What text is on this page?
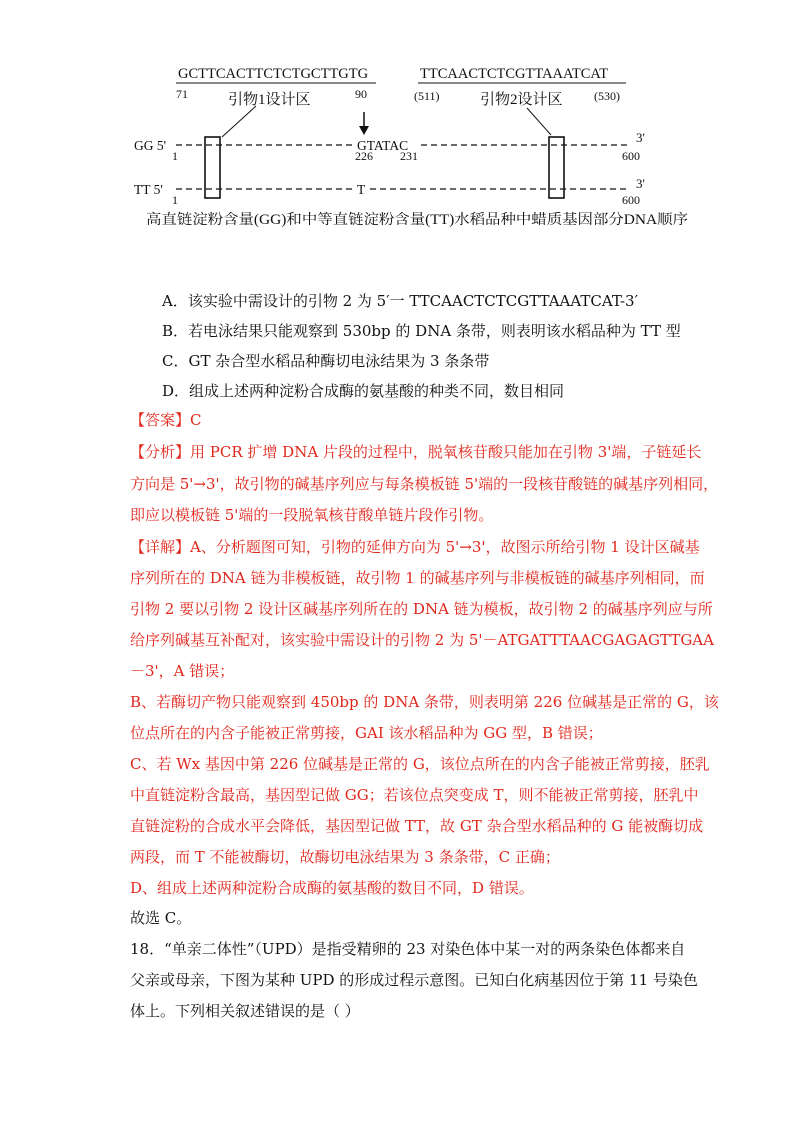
GCTTCACTTCTCTGCTTGTG
71	90
引物1设计区
TTCAACTCTCGTTAAATCAT
(511)	(530)
引物2设计区
GG 5'	GTATAC
3'
1	226 231	600
TT 5'	T	3'
1	600
高直链淀粉含量(GG)和中等直链淀粉含量(TT)水稻品种中蜡质基因部分DNA顺序
A．该实验中需设计的引物 2 为 5′一 TTCAACTCTCGTTAAATCAT-3′
B．若电泳结果只能观察到 530bp 的 DNA 条带，则表明该水稻品种为 TT 型
C．GT 杂合型水稻品种酶切电泳结果为 3 条条带
D．组成上述两种淀粉合成酶的氨基酸的种类不同，数目相同
【答案】C
【分析】用 PCR 扩增 DNA 片段的过程中，脱氧核苷酸只能加在引物 3'端，子链延长
方向是 5'→3'，故引物的碱基序列应与每条模板链 5'端的一段核苷酸链的碱基序列相同，
即应以模板链 5'端的一段脱氧核苷酸单链片段作引物。
【详解】A、分析题图可知，引物的延伸方向为 5'→3'，故图示所给引物 1 设计区碱基
序列所在的 DNA 链为非模板链，故引物 1 的碱基序列与非模板链的碱基序列相同，而
引物 2 要以引物 2 设计区碱基序列所在的 DNA 链为模板，故引物 2 的碱基序列应与所
给序列碱基互补配对，该实验中需设计的引物 2 为 5'－ATGATTTAACGAGAGTTGAA
－3'，A 错误；
B、若酶切产物只能观察到 450bp 的 DNA 条带，则表明第 226 位碱基是正常的 G，该
位点所在的内含子能被正常剪接，GAI 该水稻品种为 GG 型，B 错误；
C、若 Wx 基因中第 226 位碱基是正常的 G，该位点所在的内含子能被正常剪接，胚乳
中直链淀粉含最高，基因型记做 GG；若该位点突变成 T，则不能被正常剪接，胚乳中
直链淀粉的合成水平会降低，基因型记做 TT，故 GT 杂合型水稻品种的 G 能被酶切成
两段，而 T 不能被酶切，故酶切电泳结果为 3 条条带，C 正确；
D、组成上述两种淀粉合成酶的氨基酸的数目不同，D 错误。
故选 C。
18．“单亲二体性”（UPD）是指受精卵的 23 对染色体中某一对的两条染色体都来自
父亲或母亲，下图为某种 UPD 的形成过程示意图。已知白化病基因位于第 11 号染色
体上。下列相关叙述错误的是（ ）
